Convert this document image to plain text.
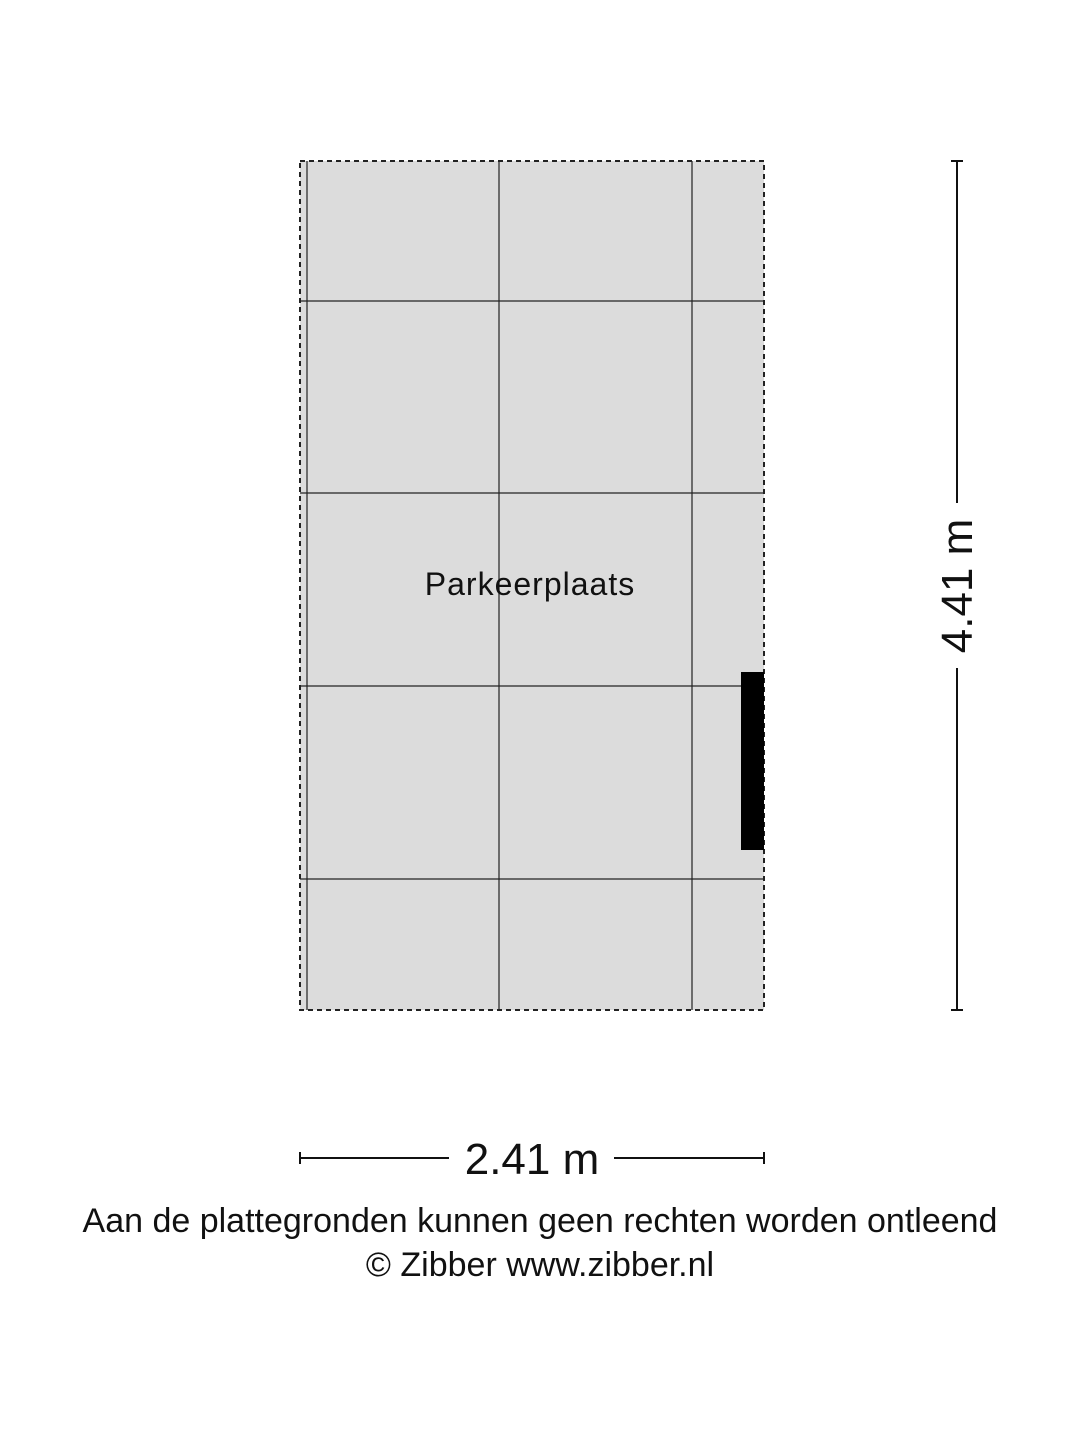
Parkeerplaats	4.41 m
2.41 m

Aan de plattegronden kunnen geen rechten worden ontleend

© Zibber www.zibber.nl
